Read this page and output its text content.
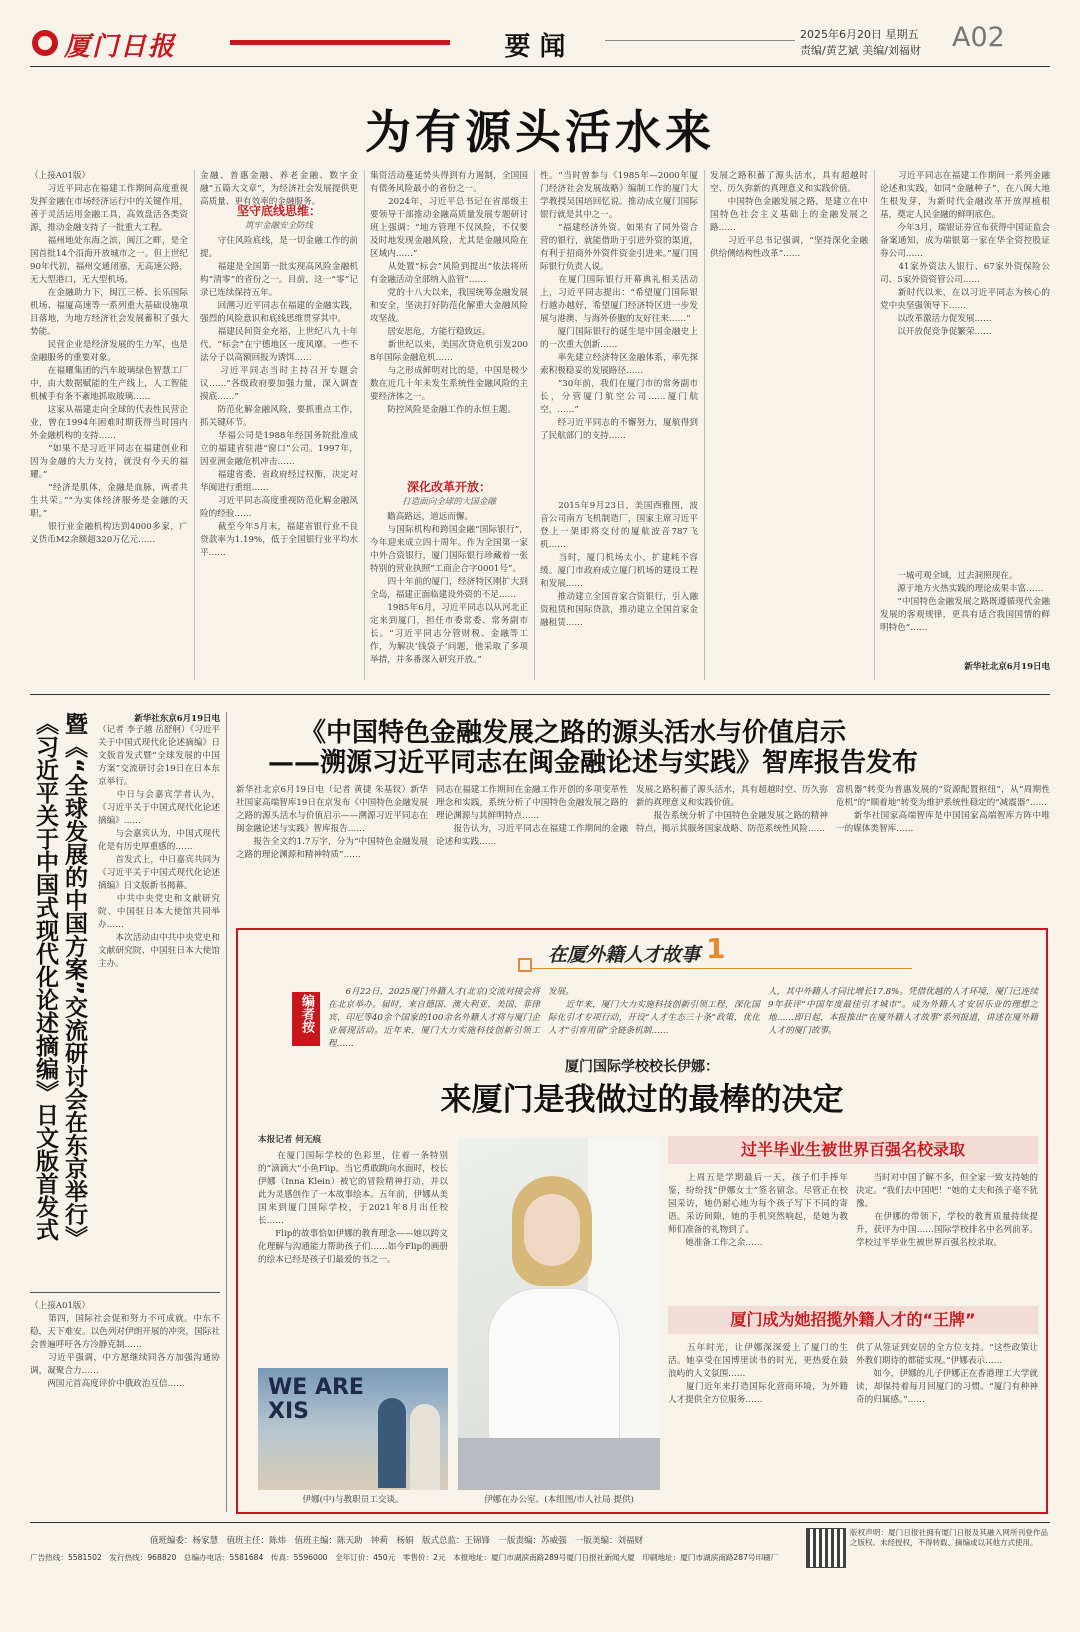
厦门日报	要 闻	2025年6月20日 星期五
责编/黄艺斌 美编/刘福财 A02
为有源头活水来
（上接A01版）
　　习近平同志在福建工作期间高度重视发挥金融在市场经济运行中的关键作用，善于灵活运用金融工具，高效盘活各类资源，推动金融支持了一批重大工程。
　　福州地处东海之滨，闽江之畔，是全国首批14个沿海开放城市之一。但上世纪90年代初，福州交通闭塞，无高速公路，无大型港口，无大型机场。
　　在金融助力下，闽江三桥、长乐国际机场、福厦高速等一系列重大基础设施项目落地，为地方经济社会发展蓄积了强大势能。
　　民营企业是经济发展的生力军，也是金融服务的重要对象。
　　在福耀集团的汽车玻璃绿色智慧工厂中，由大数据赋能的生产线上，人工智能机械手有条不紊地抓取玻璃……
　　这家从福建走向全球的代表性民营企业，曾在1994年困难时期获得当时国内外金融机构的支持……
　　“如果不是习近平同志在福建创业和因为金融的大力支持，就没有今天的福耀。”
　　“经济是肌体，金融是血脉，两者共生共荣。”“为实体经济服务是金融的天职。”
　　银行业金融机构达到4000多家，广义货币M2余额超320万亿元……
金融、普惠金融、养老金融、数字金融“五篇大文章”，为经济社会发展提供更高质量、更有效率的金融服务。
坚守底线思维：
筑牢金融安全防线
　　守住风险底线，是一切金融工作的前提。
　　福建是全国第一批实现高风险金融机构“清零”的省份之一。目前，这一“零”记录已连续保持五年。
　　回溯习近平同志在福建的金融实践，强烈的风险意识和底线思维贯穿其中。
　　福建民间资金充裕，上世纪八九十年代，“标会”在宁德地区一度风靡。一些不法分子以高额回报为诱饵……
　　习近平同志当时主持召开专题会议……“各级政府要加强力量，深入调查摸底……”
　　防范化解金融风险，要抓重点工作，抓关键环节。
　　华福公司是1988年经国务院批准成立的福建省驻港“窗口”公司。1997年，因亚洲金融危机冲击……
　　福建省委、省政府经过权衡，决定对华闽进行重组……
　　习近平同志高度重视防范化解金融风险的经验……
　　截至今年5月末，福建省银行业不良贷款率为1.19%，低于全国银行业平均水平……
集资活动蔓延势头得到有力遏制，全国国有债务风险最小的省份之一。
　　2024年，习近平总书记在省部级主要领导干部推动金融高质量发展专题研讨班上强调：“地方管理不仅风险，不仅要及时地发现金融风险，尤其是金融风险在区域内……”
　　从处置“标会”风险到提出“依法将所有金融活动全部纳入监管”……
　　党的十八大以来，我国统筹金融发展和安全，坚决打好防范化解重大金融风险攻坚战。
　　居安思危，方能行稳致远。
　　新世纪以来，美国次贷危机引发2008年国际金融危机……
　　与之形成鲜明对比的是，中国是极少数在近几十年未发生系统性金融风险的主要经济体之一。
　　防控风险是金融工作的永恒主题。
深化改革开放：
打造面向全球的大国金融
　　瞻高路远，道远而懈。
　　与国际机构和跨国金融“国际银行”，今年迎来成立四十周年。作为全国第一家中外合资银行，厦门国际银行珍藏着一张特别的营业执照“工商企合字0001号”。
　　四十年前的厦门，经济特区刚扩大到全岛，福建正面临建设外资的不足……
　　1985年6月，习近平同志以从河北正定来到厦门，担任市委常委、常务副市长。“习近平同志分管财税、金融等工作，为解决‘钱袋子’问题，他采取了多项举措，并多番深入研究开放。”
性。“当时曾参与《1985年—2000年厦门经济社会发展战略》编制工作的厦门大学教授吴国培回忆说。推动成立厦门国际银行就是其中之一。
　　“福建经济外资。如果有了同外资合营的银行，就能借助于引进外资的渠道，有利于招商外外资件资金引进来。”厦门国际银行负责人说。
　　在厦门国际银行开幕典礼相关活动上，习近平同志提出：“希望厦门国际银行越办越好，希望厦门经济特区进一步发展与港澳、与海外侨胞的友好往来……”
　　厦门国际银行的诞生是中国金融史上的一次重大创新……
　　率先建立经济特区金融体系，率先探索积极稳妥的发展路径……
　　“30年前，我们在厦门市的常务副市长，分管厦门航空公司……厦门航空，……”
　　经习近平同志的不懈努力，厦航得到了民航部门的支持……
　　2015年9月23日，美国西雅图，波音公司南方飞机制造厂，国家主席习近平登上一架即将交付的厦航波音787飞机……
　　当时，厦门机场太小，扩建耗不容缓。厦门市政府成立厦门机场的建设工程和发展……
　　推动建立全国首家合资银行，引入融资租赁和国际贷款，推动建立全国首家金融租赁……
发展之路积蓄了源头活水，具有超越时空、历久弥新的真理意义和实践价值。
　　中国特色金融发展之路，是建立在中国特色社会主义基础上的金融发展之路……
　　习近平总书记强调，“坚持深化金融供给侧结构性改革”……
　　习近平同志在福建工作期间一系列金融论述和实践，如同“金融种子”，在八闽大地生根发芽，为新时代金融改革开放厚植根基，奠定人民金融的鲜明底色。
　　今年3月，瑞银证券宣布获得中国证监会备案通知，成为瑞银第一家在华全资控股证券公司……
　　41家外资法人银行、67家外资保险公司、5家外资资管公司……
　　新时代以来，在以习近平同志为核心的党中央坚强领导下……
　　以改革激活力促发展……
　　以开放促竞争促繁荣……
　　一城可观全域，过去洞照现在。
　　源于地方火热实践的理论成果丰富……
　　“中国特色金融发展之路既遵循现代金融发展的客观规律，更具有适合我国国情的鲜明特色”……
新华社北京6月19日电
暨《“全球发展的中国方案”交流研讨会在东京举行》《习近平关于中国式现代化论述摘编》日文版首发式	新华社东京6月19日电
（记者 李子越 岳舒舸）《习近平关于中国式现代化论述摘编》日文版首发式暨“全球发展的中国方案”交流研讨会19日在日本东京举行。
　　中日与会嘉宾学者认为，《习近平关于中国式现代化论述摘编》……
　　与会嘉宾认为，中国式现代化是有历史厚重感的……
　　首发式上，中日嘉宾共同为《习近平关于中国式现代化论述摘编》日文版新书揭幕。
　　中共中央党史和文献研究院、中国驻日本大使馆共同举办……
　　本次活动由中共中央党史和文献研究院、中国驻日本大使馆主办。
（上接A01版）
　　第四，国际社会促和努力不可成就。中东不稳，天下难安。以色列对伊朗开展的冲突，国际社会普遍呼吁各方冷静克制……
　　习近平强调，中方愿继续同各方加强沟通协调，凝聚合力……
　　两国元首高度评价中俄政治互信……
《中国特色金融发展之路的源头活水与价值启示
——溯源习近平同志在闽金融论述与实践》智库报告发布
新华社北京6月19日电（记者 黄捷 朱基钗）新华社国家高端智库19日在京发布《中国特色金融发展之路的源头活水与价值启示——溯源习近平同志在闽金融论述与实践》智库报告……
　　报告全文约1.7万字，分为“中国特色金融发展之路的理论渊源和精神特质”……
同志在福建工作期间在金融工作开创的多项变革性理念和实践，系统分析了中国特色金融发展之路的理论渊源与其鲜明特点……
　　报告认为，习近平同志在福建工作期间的金融论述和实践……
发展之路积蓄了源头活水，具有超越时空、历久弥新的真理意义和实践价值。
　　报告系统分析了中国特色金融发展之路的精神特点，揭示其服务国家战略、防范系统性风险……
富机器”转变为普惠发展的“资源配置枢纽”，从“周期性危机”的“顺着地”转变为维护系统性稳定的“减震器”……
　　新华社国家高端智库是中国国家高端智库方阵中唯一的媒体类智库……
在厦外籍人才故事 1
编者按
　　6月22日，2025厦门外籍人才(北京)交流对接会将在北京举办。届时，来自德国、澳大利亚、美国、菲律宾、印尼等40余个国家的100余名外籍人才将与厦门企业展现活动。近年来，厦门大力实施科技创新引领工程……
发展。
　　近年来，厦门大力实施科技创新引领工程，深化国际化引才专项行动，开设“人才生态三十条”政策，优化人才“引育用留”全链条机制……
人，其中外籍人才同比增长17.8%。凭借优越的人才环境，厦门已连续9年获评“中国年度最佳引才城市”。成为外籍人才安居乐业的理想之地……即日起，本报推出“在厦外籍人才故事”系列报道，讲述在厦外籍人才的厦门故事。
厦门国际学校校长伊娜：
来厦门是我做过的最棒的决定
本报记者 何无痕
　　在厦门国际学校的色彩里，住着一条特别的“滴滴大”小鱼Flip。当它勇敢跳向水面时，校长伊娜（Inna Klein）被它的冒险精神打动，并以此为灵感创作了一本故事绘本。五年前，伊娜从美国来到厦门国际学校，于2021年8月出任校长……
　　Flip的故事恰如伊娜的教育理念——她以跨文化理解与沟通能力帮助孩子们……如今Flip的画册的绘本已经是孩子们最爱的书之一。
WE ARE XIS
伊娜(中)与教职员工交谈。	伊娜在办公室。(本组图/市人社局 提供)
过半毕业生被世界百强名校录取
　　上周五是学期最后一天，孩子们手捧年鉴，纷纷找“伊娜女士”签名留念。尽管正在校园采访，她仍耐心地为每个孩子写下不同的寄语。采访间隙，她的手机突然响起，是她为教师们准备的礼物到了。
　　她准备工作之余……
　　当时对中国了解不多，但全家一致支持她的决定。“我们去中国吧！”她的丈夫和孩子毫不犹豫。
　　在伊娜的带领下，学校的教育质量持续提升，获评为中国……国际学校排名中名列前茅。学校过半毕业生被世界百强名校录取。
厦门成为她招揽外籍人才的“王牌”
　　五年时光，让伊娜深深爱上了厦门的生活。她享受在国博里读书的时光，更热爱在鼓浪屿的人文氛围……
　　厦门近年来打造国际化营商环境，为外籍人才提供全方位服务……
供了从签证到安居的全方位支持。“这些政策让外教们期待的都能实现。”伊娜表示……
　　如今，伊娜的儿子伊娜正在香港理工大学就读，却保持着每月回厦门的习惯。“厦门有种神奇的归属感。”……
值班编委：杨家慧　值班主任：陈炜　值班主编：陈天助　钟莉　杨娟　版式总监：王锦锋　一版责编：苏威强　一版美编：刘福财
广告热线：5581502　发行热线：968820　总编办电话：5581684　传真：5596000　全年订价：450元　零售价：2元　本报地址：厦门市湖滨南路289号厦门日报社新闻大厦　印刷地址：厦门市湖滨南路287号印刷厂
版权声明：厦门日报社拥有厦门日报及其融入网所刊登作品之版权。未经授权，不得转载、摘编或以其他方式使用。
